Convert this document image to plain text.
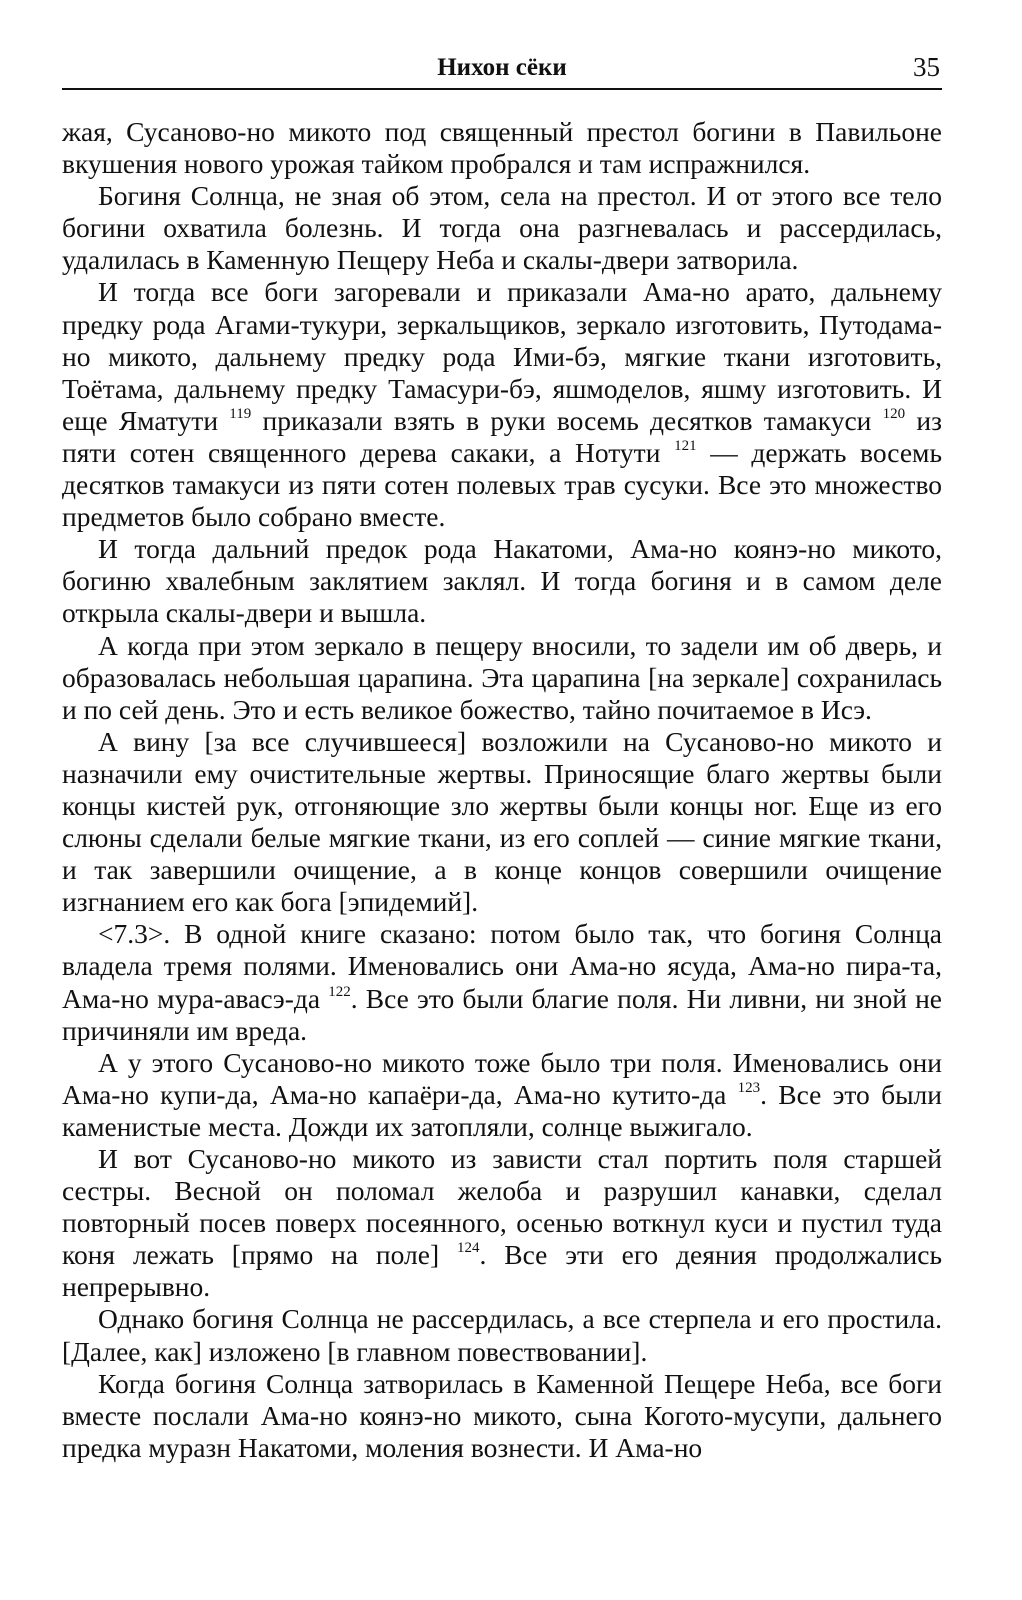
Нихон сёки	35

жая, Сусаново-но микото под священный престол богини в Павильоне вкушения нового урожая тайком пробрался и там испражнился.

Богиня Солнца, не зная об этом, села на престол. И от этого все тело богини охватила болезнь. И тогда она разгневалась и рассердилась, удалилась в Каменную Пещеру Неба и скалы-двери затворила.

И тогда все боги загоревали и приказали Ама-но арато, дальнему предку рода Агами-тукури, зеркальщиков, зеркало изготовить, Путодама-но микото, дальнему предку рода Ими-бэ, мягкие ткани изготовить, Тоётама, дальнему предку Тамасури-бэ, яшмоделов, яшму изготовить. И еще Яматути $^{119}$ приказали взять в руки восемь десятков тамакуси $^{120}$ из пяти сотен священного дерева сакаки, а Нотути $^{121}$ — держать восемь десятков тамакуси из пяти сотен полевых трав сусуки. Все это множество предметов было собрано вместе.

И тогда дальний предок рода Накатоми, Ама-но коянэ-но микото, богиню хвалебным заклятием заклял. И тогда богиня и в самом деле открыла скалы-двери и вышла.

А когда при этом зеркало в пещеру вносили, то задели им об дверь, и образовалась небольшая царапина. Эта царапина [на зеркале] сохранилась и по сей день. Это и есть великое божество, тайно почитаемое в Исэ.

А вину [за все случившееся] возложили на Сусаново-но микото и назначили ему очистительные жертвы. Приносящие благо жертвы были концы кистей рук, отгоняющие зло жертвы были концы ног. Еще из его слюны сделали белые мягкие ткани, из его соплей — синие мягкие ткани, и так завершили очищение, а в конце концов совершили очищение изгнанием его как бога [эпидемий].

<7.3>. В одной книге сказано: потом было так, что богиня Солнца владела тремя полями. Именовались они Ама-но ясуда, Ама-но пира-та, Ама-но мура-авасэ-да $^{122}$. Все это были благие поля. Ни ливни, ни зной не причиняли им вреда.

А у этого Сусаново-но микото тоже было три поля. Именовались они Ама-но купи-да, Ама-но капаёри-да, Ама-но кутито-да $^{123}$. Все это были каменистые места. Дожди их затопляли, солнце выжигало.

И вот Сусаново-но микото из зависти стал портить поля старшей сестры. Весной он поломал желоба и разрушил канавки, сделал повторный посев поверх посеянного, осенью воткнул куси и пустил туда коня лежать [прямо на поле] $^{124}$. Все эти его деяния продолжались непрерывно.

Однако богиня Солнца не рассердилась, а все стерпела и его простила. [Далее, как] изложено [в главном повествовании].

Когда богиня Солнца затворилась в Каменной Пещере Неба, все боги вместе послали Ама-но коянэ-но микото, сына Когото-мусупи, дальнего предка муразн Накатоми, моления вознести. И Ама-но
